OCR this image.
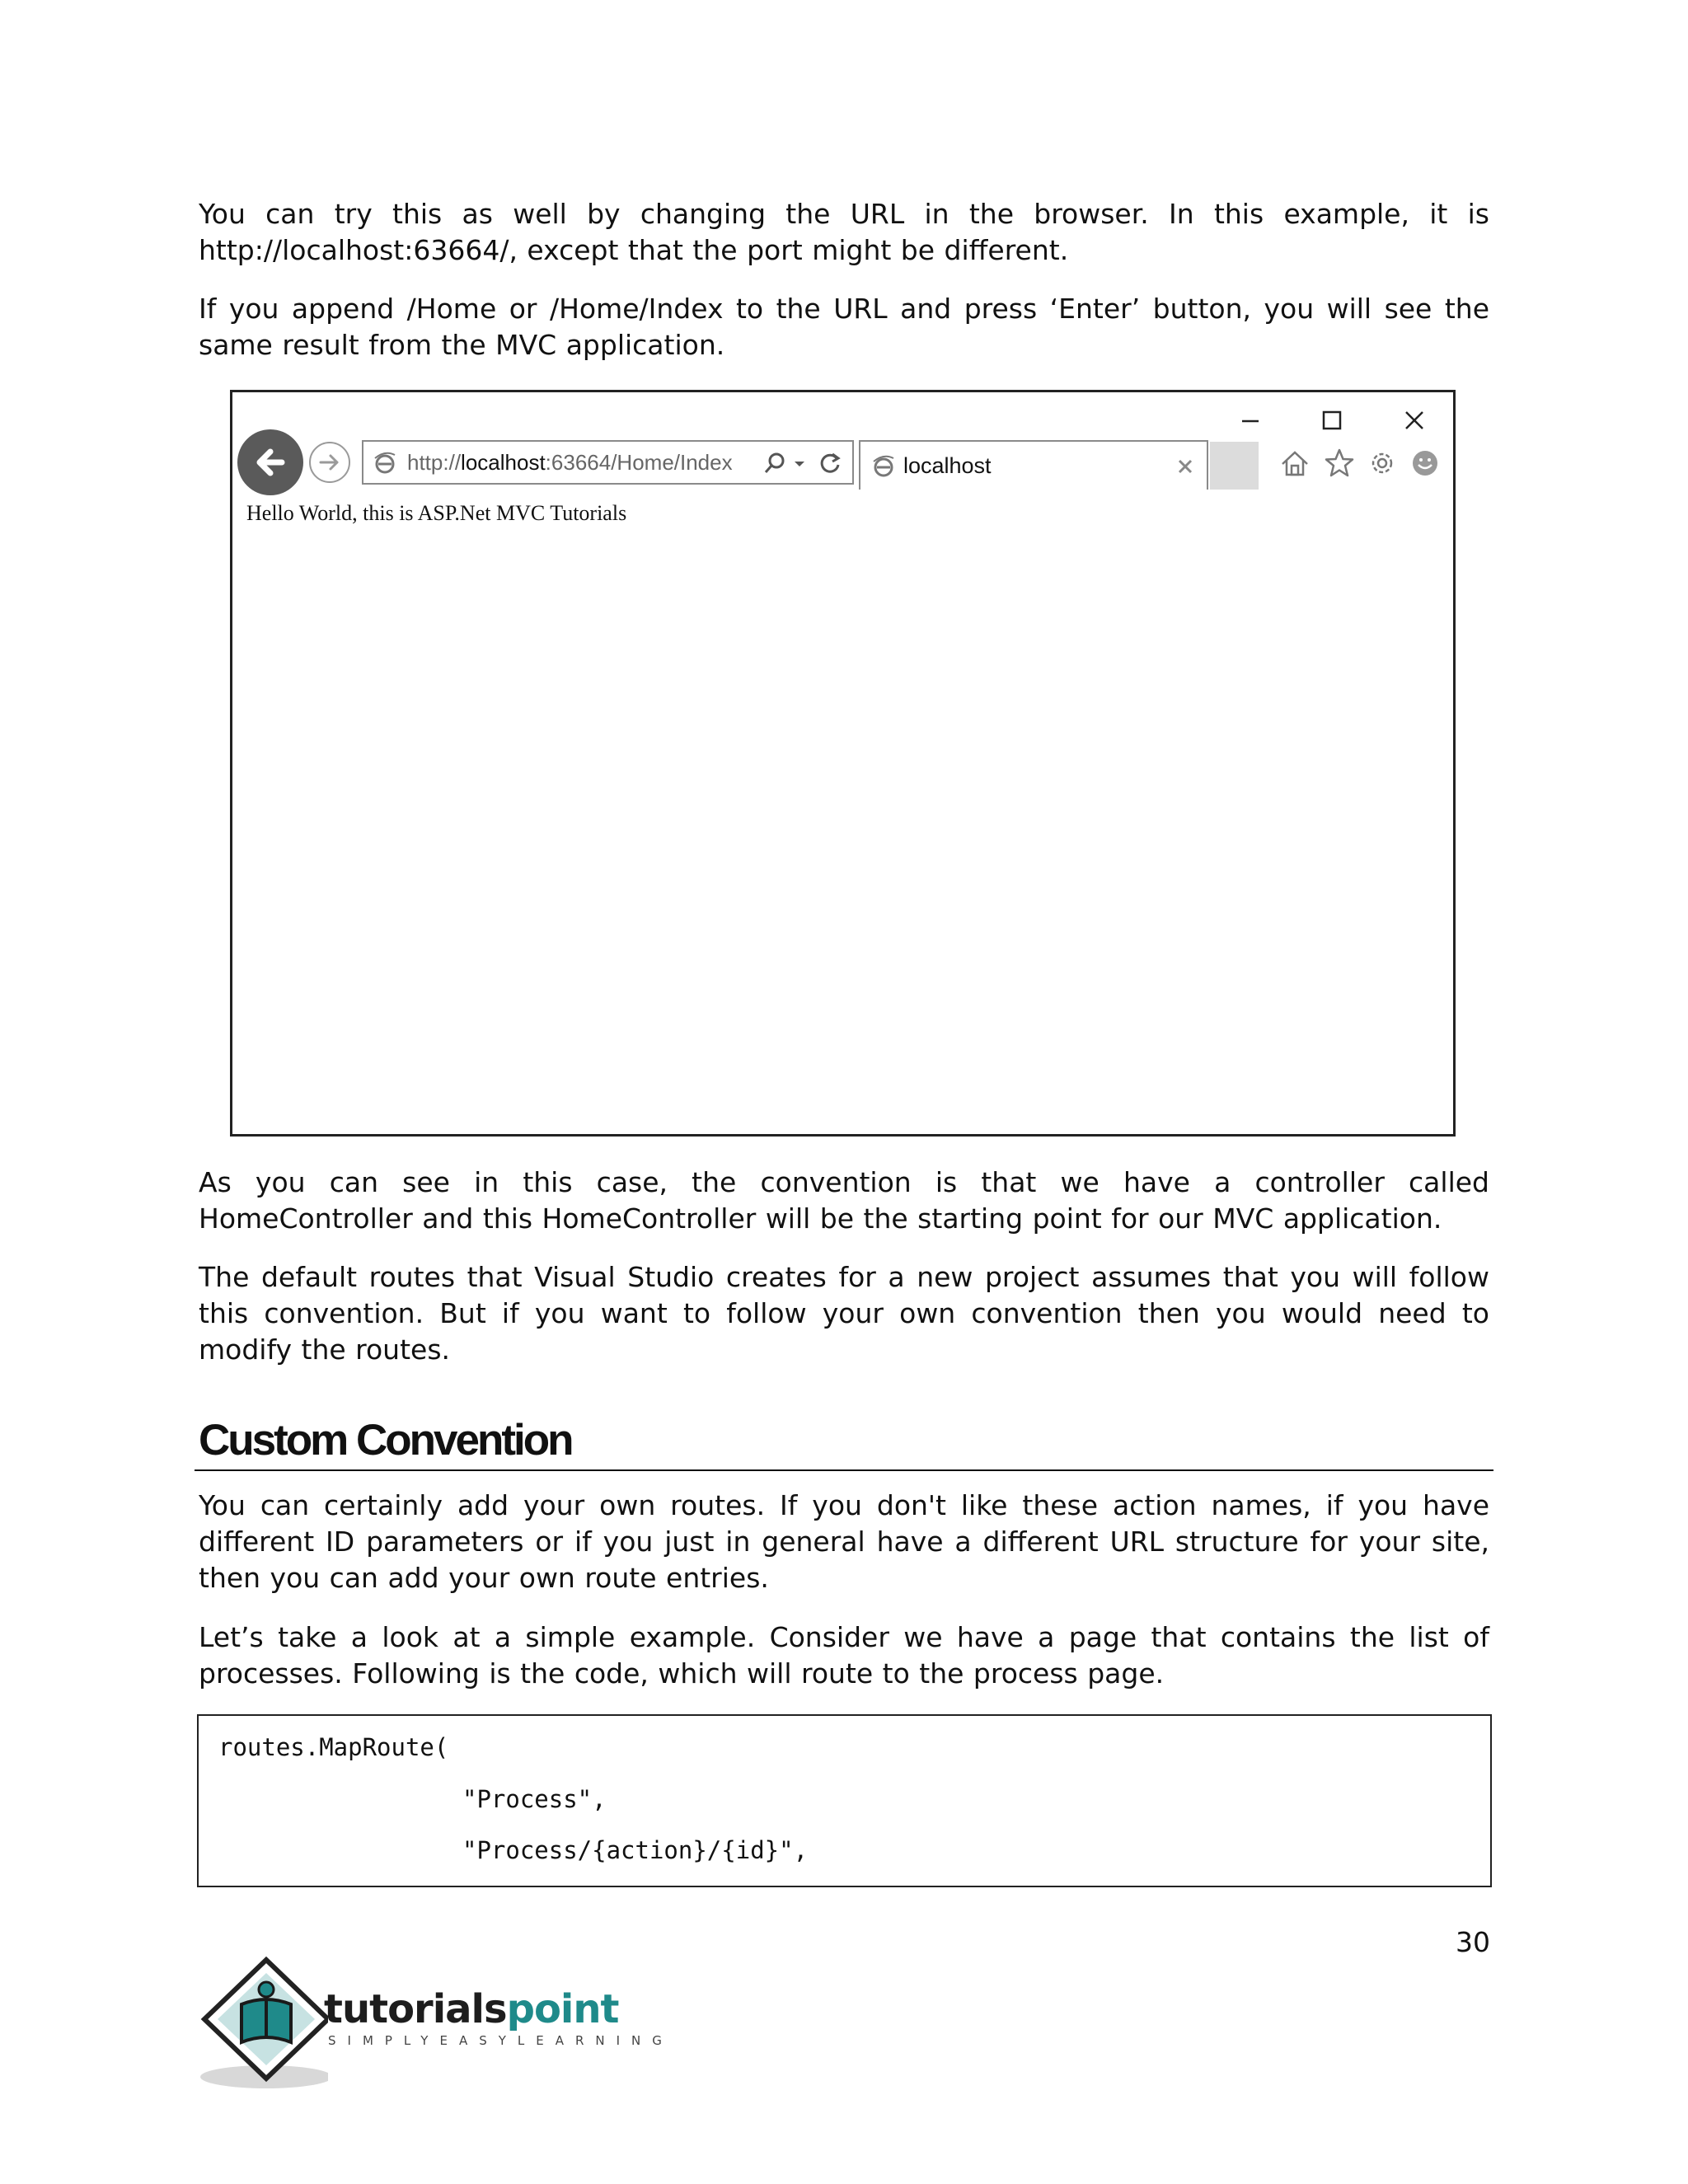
You can try this as well by changing the URL in the browser. In this example, it is http://localhost:63664/, except that the port might be different.

If you append /Home or /Home/Index to the URL and press ‘Enter’ button, you will see the same result from the MVC application.

http://localhost:63664/Home/Index	localhost
Hello World, this is ASP.Net MVC Tutorials

As you can see in this case, the convention is that we have a controller called HomeController and this HomeController will be the starting point for our MVC application.

The default routes that Visual Studio creates for a new project assumes that you will follow this convention. But if you want to follow your own convention then you would need to modify the routes.

Custom Convention

You can certainly add your own routes. If you don't like these action names, if you have different ID parameters or if you just in general have a different URL structure for your site, then you can add your own route entries.

Let’s take a look at a simple example. Consider we have a page that contains the list of processes. Following is the code, which will route to the process page.

routes.MapRoute(
"Process",
"Process/{action}/{id}",
30
tutorialspoint
SIMPLYEASYLEARNING
